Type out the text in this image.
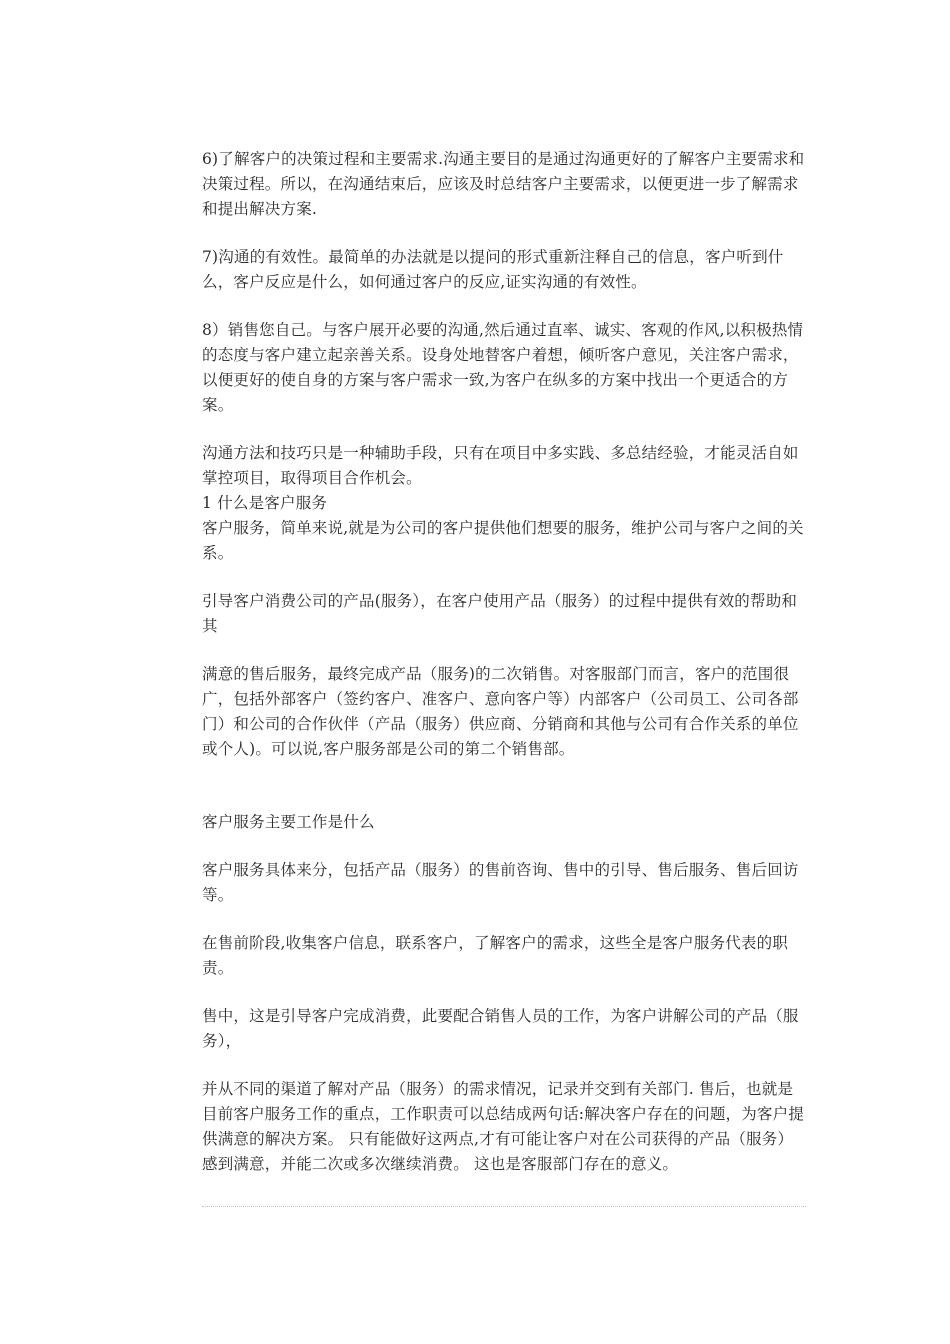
6)了解客户的决策过程和主要需求.沟通主要目的是通过沟通更好的了解客户主要需求和决策过程。所以，在沟通结束后，应该及时总结客户主要需求，以便更进一步了解需求和提出解决方案.

7)沟通的有效性。最简单的办法就是以提问的形式重新注释自己的信息，客户听到什么，客户反应是什么，如何通过客户的反应,证实沟通的有效性。

8）销售您自己。与客户展开必要的沟通,然后通过直率、诚实、客观的作风,以积极热情的态度与客户建立起亲善关系。设身处地替客户着想，倾听客户意见，关注客户需求，以便更好的使自身的方案与客户需求一致,为客户在纵多的方案中找出一个更适合的方案。

沟通方法和技巧只是一种辅助手段，只有在项目中多实践、多总结经验，才能灵活自如掌控项目，取得项目合作机会。

1 什么是客户服务

客户服务，简单来说,就是为公司的客户提供他们想要的服务，维护公司与客户之间的关系。

引导客户消费公司的产品(服务），在客户使用产品（服务）的过程中提供有效的帮助和其

满意的售后服务，最终完成产品（服务)的二次销售。对客服部门而言，客户的范围很广，包括外部客户（签约客户、准客户、意向客户等）内部客户（公司员工、公司各部门）和公司的合作伙伴（产品（服务）供应商、分销商和其他与公司有合作关系的单位或个人)。可以说,客户服务部是公司的第二个销售部。

客户服务主要工作是什么

客户服务具体来分，包括产品（服务）的售前咨询、售中的引导、售后服务、售后回访等。

在售前阶段,收集客户信息，联系客户，了解客户的需求，这些全是客户服务代表的职责。

售中，这是引导客户完成消费，此要配合销售人员的工作，为客户讲解公司的产品（服务），

并从不同的渠道了解对产品（服务）的需求情况，记录并交到有关部门. 售后，也就是目前客户服务工作的重点，工作职责可以总结成两句话:解决客户存在的问题，为客户提供满意的解决方案。 只有能做好这两点,才有可能让客户对在公司获得的产品（服务）感到满意，并能二次或多次继续消费。 这也是客服部门存在的意义。
